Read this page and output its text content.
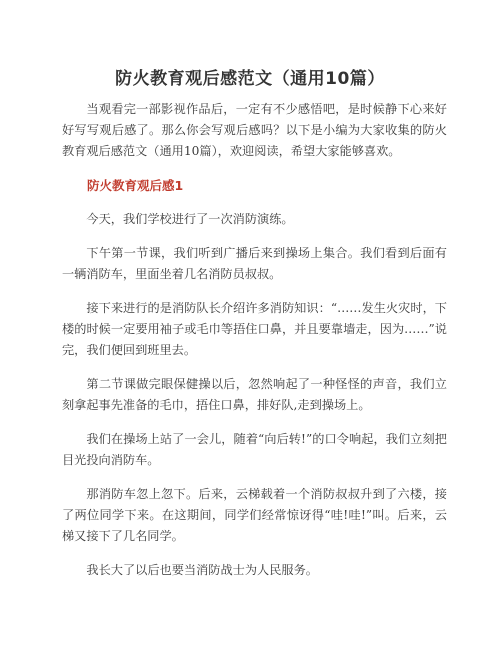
防火教育观后感范文（通用10篇）

当观看完一部影视作品后，一定有不少感悟吧，是时候静下心来好好写写观后感了。那么你会写观后感吗？以下是小编为大家收集的防火教育观后感范文（通用10篇），欢迎阅读，希望大家能够喜欢。

防火教育观后感1

今天，我们学校进行了一次消防演练。

下午第一节课，我们听到广播后来到操场上集合。我们看到后面有一辆消防车，里面坐着几名消防员叔叔。

接下来进行的是消防队长介绍许多消防知识：“……发生火灾时，下楼的时候一定要用袖子或毛巾等捂住口鼻，并且要靠墙走，因为……”说完，我们便回到班里去。

第二节课做完眼保健操以后，忽然响起了一种怪怪的声音，我们立刻拿起事先准备的毛巾，捂住口鼻，排好队,走到操场上。

我们在操场上站了一会儿，随着“向后转!”的口令响起，我们立刻把目光投向消防车。

那消防车忽上忽下。后来，云梯载着一个消防叔叔升到了六楼，接了两位同学下来。在这期间，同学们经常惊讶得“哇!哇!”叫。后来，云梯又接下了几名同学。

我长大了以后也要当消防战士为人民服务。
